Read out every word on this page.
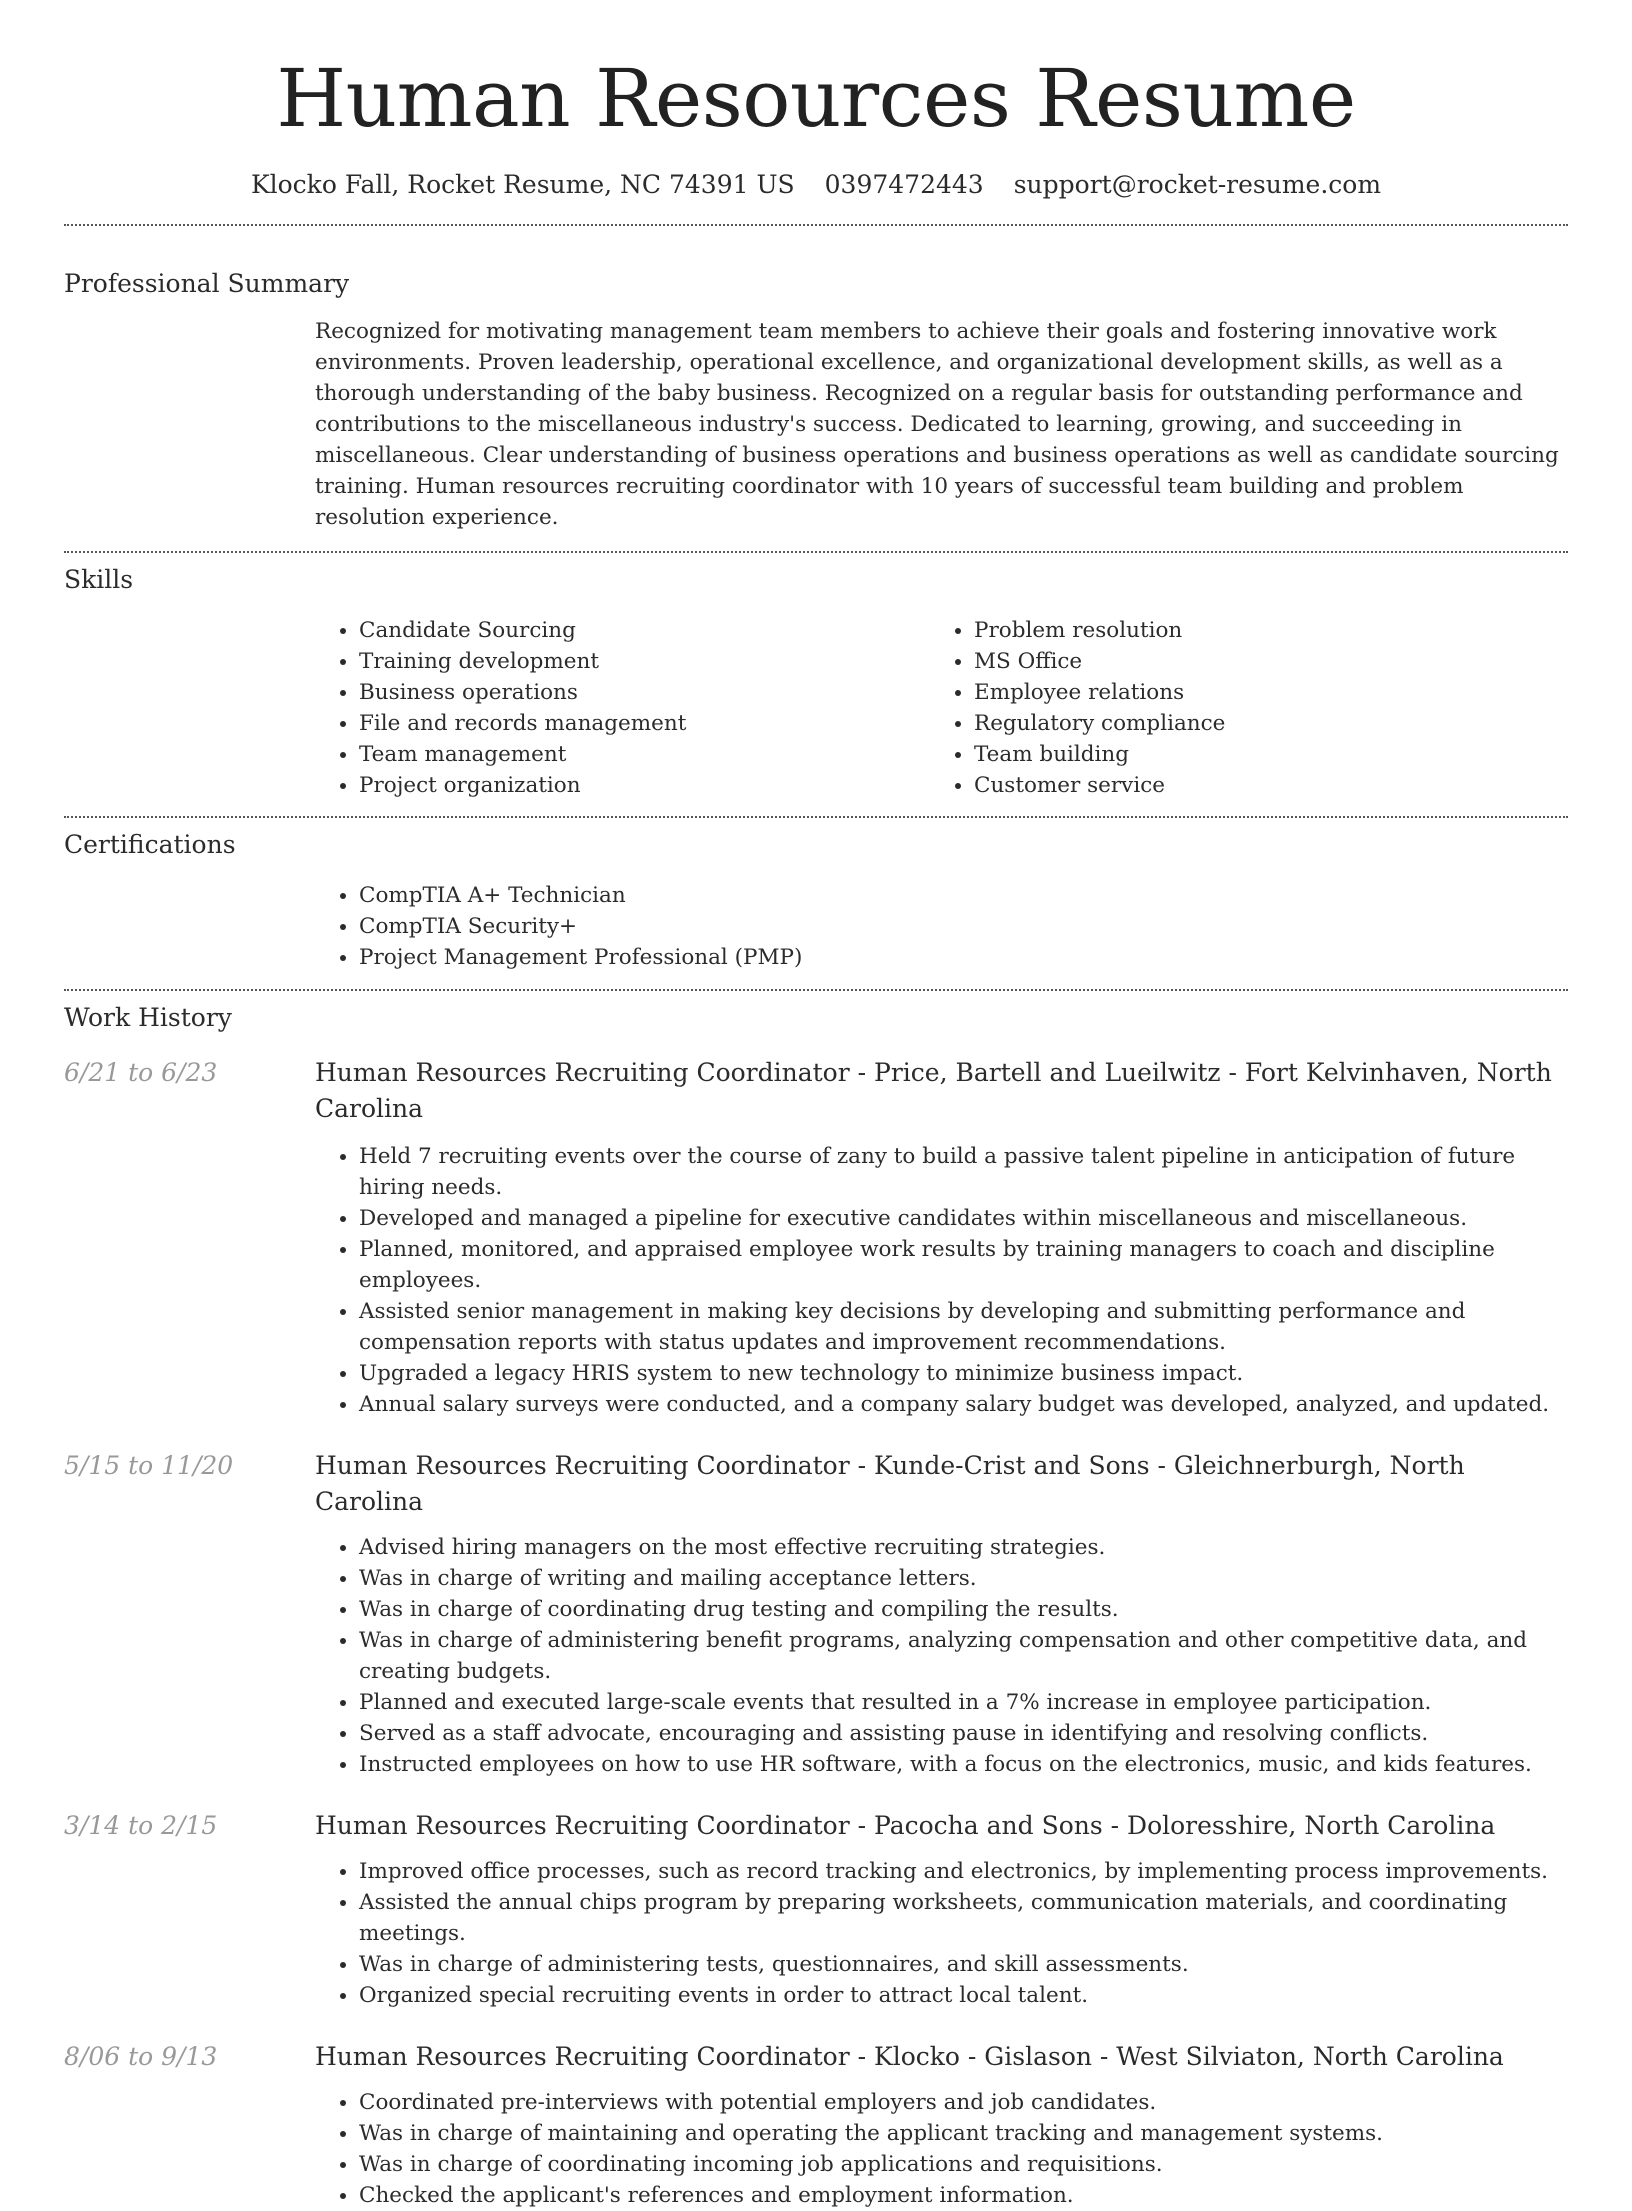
Human Resources Resume
Klocko Fall, Rocket Resume, NC 74391 US 0397472443 support@rocket-resume.com
Professional Summary
Recognized for motivating management team members to achieve their goals and fostering innovative work environments. Proven leadership, operational excellence, and organizational development skills, as well as a thorough understanding of the baby business. Recognized on a regular basis for outstanding performance and contributions to the miscellaneous industry's success. Dedicated to learning, growing, and succeeding in miscellaneous. Clear understanding of business operations and business operations as well as candidate sourcing training. Human resources recruiting coordinator with 10 years of successful team building and problem resolution experience.
Skills
• Candidate Sourcing
• Training development
• Business operations
• File and records management
• Team management
• Project organization
• Problem resolution
• MS Office
• Employee relations
• Regulatory compliance
• Team building
• Customer service
Certifications
• CompTIA A+ Technician
• CompTIA Security+
• Project Management Professional (PMP)
Work History
6/21 to 6/23	Human Resources Recruiting Coordinator - Price, Bartell and Lueilwitz - Fort Kelvinhaven, North Carolina
• Held 7 recruiting events over the course of zany to build a passive talent pipeline in anticipation of future hiring needs.
• Developed and managed a pipeline for executive candidates within miscellaneous and miscellaneous.
• Planned, monitored, and appraised employee work results by training managers to coach and discipline employees.
• Assisted senior management in making key decisions by developing and submitting performance and compensation reports with status updates and improvement recommendations.
• Upgraded a legacy HRIS system to new technology to minimize business impact.
• Annual salary surveys were conducted, and a company salary budget was developed, analyzed, and updated.
5/15 to 11/20	Human Resources Recruiting Coordinator - Kunde-Crist and Sons - Gleichnerburgh, North Carolina
• Advised hiring managers on the most effective recruiting strategies.
• Was in charge of writing and mailing acceptance letters.
• Was in charge of coordinating drug testing and compiling the results.
• Was in charge of administering benefit programs, analyzing compensation and other competitive data, and creating budgets.
• Planned and executed large-scale events that resulted in a 7% increase in employee participation.
• Served as a staff advocate, encouraging and assisting pause in identifying and resolving conflicts.
• Instructed employees on how to use HR software, with a focus on the electronics, music, and kids features.
3/14 to 2/15	Human Resources Recruiting Coordinator - Pacocha and Sons - Doloresshire, North Carolina
• Improved office processes, such as record tracking and electronics, by implementing process improvements.
• Assisted the annual chips program by preparing worksheets, communication materials, and coordinating meetings.
• Was in charge of administering tests, questionnaires, and skill assessments.
• Organized special recruiting events in order to attract local talent.
8/06 to 9/13	Human Resources Recruiting Coordinator - Klocko - Gislason - West Silviaton, North Carolina
• Coordinated pre-interviews with potential employers and job candidates.
• Was in charge of maintaining and operating the applicant tracking and management systems.
• Was in charge of coordinating incoming job applications and requisitions.
• Checked the applicant's references and employment information.
